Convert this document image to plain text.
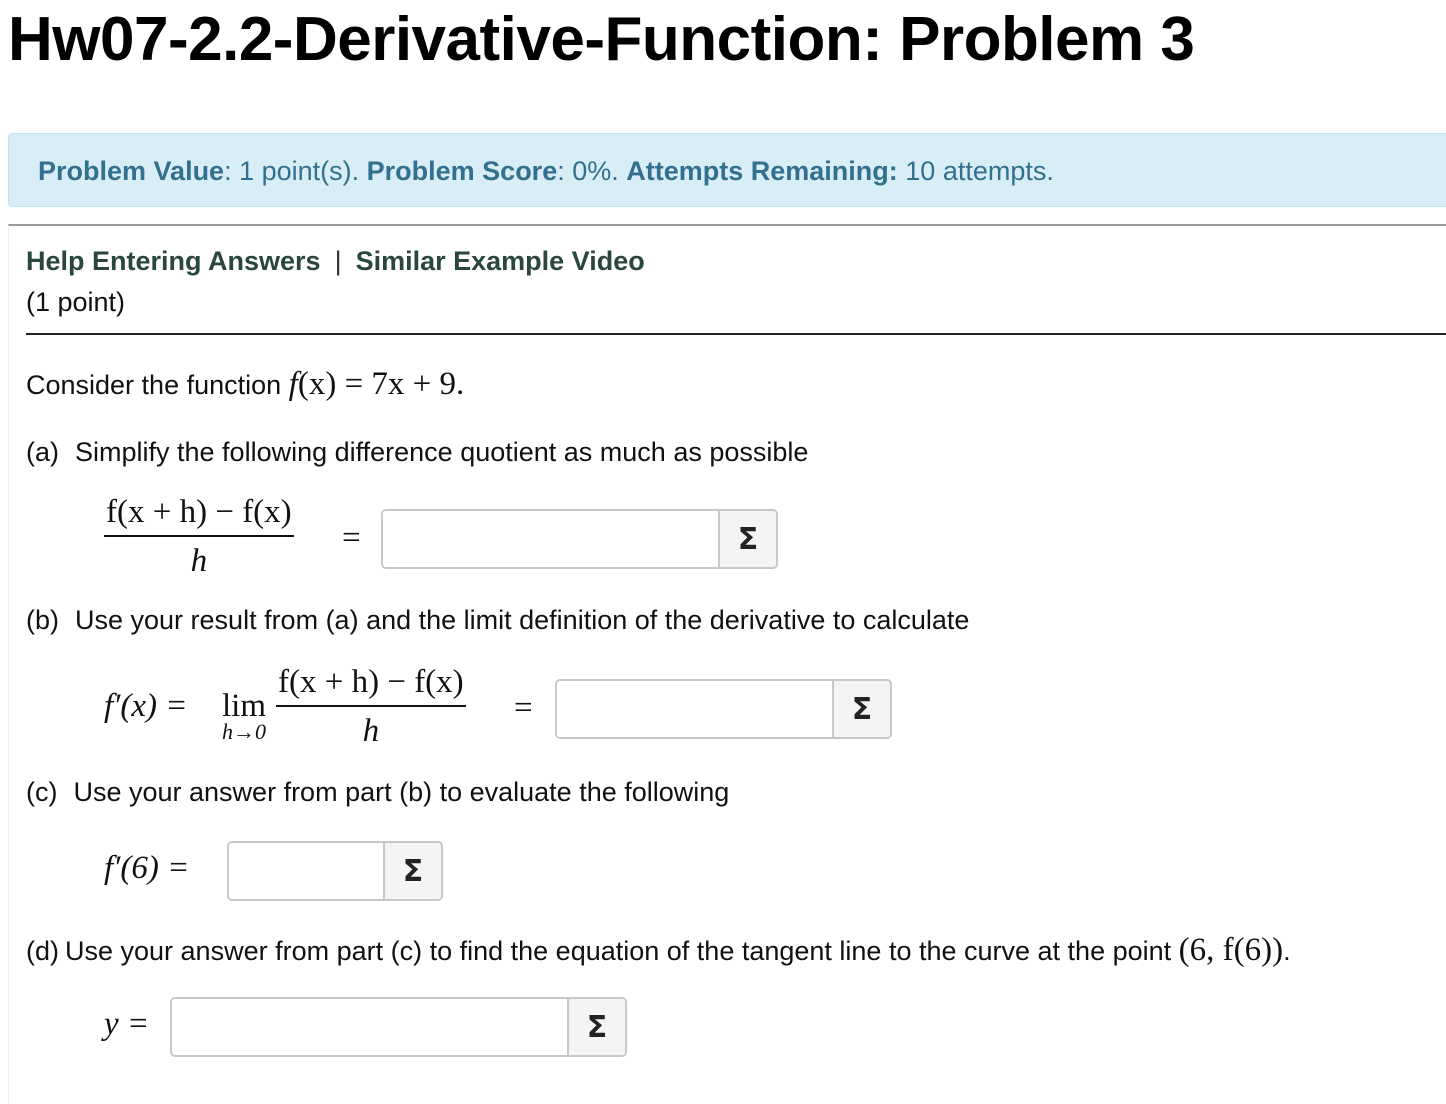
Hw07-2.2-Derivative-Function: Problem 3
Problem Value: 1 point(s). Problem Score: 0%. Attempts Remaining: 10 attempts.
Help Entering Answers | Similar Example Video
(1 point)
Consider the function f(x) = 7x + 9.
(a) Simplify the following difference quotient as much as possible
$\frac{f(x + h) - f(x)}{h}$ =	Σ
(b) Use your result from (a) and the limit definition of the derivative to calculate
f′(x) = lim
$h\to 0 \frac{f(x + h) - f(x)}{h}$ =	Σ
(c) Use your answer from part (b) to evaluate the following
f′(6) =	Σ
(d) Use your answer from part (c) to find the equation of the tangent line to the curve at the point (6, f(6)).
y =	Σ
